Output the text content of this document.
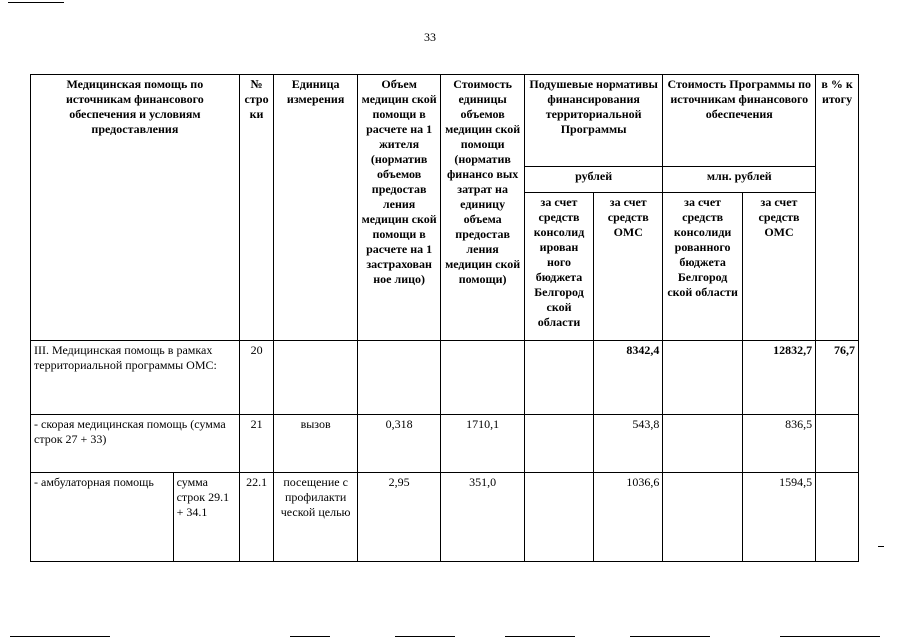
33
Медицинская помощь по источникам финансового обеспечения и условиям предоставления		№ стро ки	Единица измерения	Объем медицин ской помощи в расчете на 1 жителя (норматив объемов предостав ления медицин ской помощи в расчете на 1 застрахован ное лицо)	Стоимость единицы объемов медицин ской помощи (норматив финансо вых затрат на единицу объема предостав ления медицин ской помощи)	Подушевые нормативы финансирования территориальной Программы		Стоимость Программы по источникам финансового обеспечения		в % к итогу
						рублей		млн. рублей		
						за счет средств консолид ирован ного бюджета Белгород ской области	за счет средств ОМС	за счет средств консолиди рованного бюджета Белгород ской области	за счет средств ОМС	
III. Медицинская помощь в рамках территориальной программы ОМС:		20					8342,4		12832,7	76,7
- скорая медицинская помощь (сумма строк 27 + 33)		21	вызов	0,318	1710,1		543,8		836,5	
- амбулаторная помощь	сумма строк 29.1 + 34.1	22.1	посещение с профилакти ческой целью	2,95	351,0		1036,6		1594,5	
